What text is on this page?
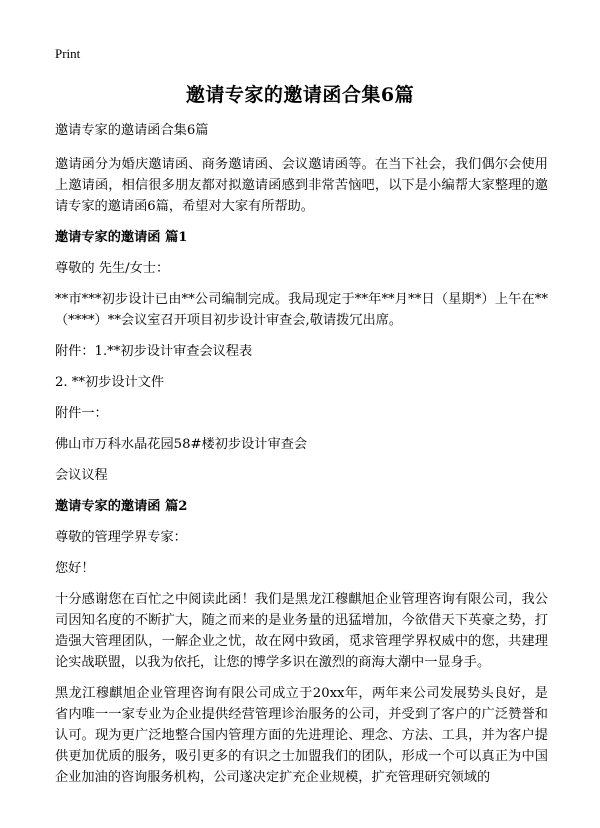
Print
邀请专家的邀请函合集6篇

邀请专家的邀请函合集6篇

邀请函分为婚庆邀请函、商务邀请函、会议邀请函等。在当下社会，我们偶尔会使用上邀请函，相信很多朋友都对拟邀请函感到非常苦恼吧，以下是小编帮大家整理的邀请专家的邀请函6篇，希望对大家有所帮助。

邀请专家的邀请函 篇1

尊敬的 先生/女士：

**市***初步设计已由**公司编制完成。我局现定于**年**月**日（星期*）上午在**（****）**会议室召开项目初步设计审查会,敬请拨冗出席。

附件：1.**初步设计审查会议程表

2. **初步设计文件

附件一：

佛山市万科水晶花园58#楼初步设计审查会

会议议程

邀请专家的邀请函 篇2

尊敬的管理学界专家：

您好！

十分感谢您在百忙之中阅读此函！我们是黑龙江穆麒旭企业管理咨询有限公司，我公司因知名度的不断扩大，随之而来的是业务量的迅猛增加，今欲借天下英豪之势，打造强大管理团队，一解企业之忧，故在网中致函，觅求管理学界权威中的您，共建理论实战联盟，以我为依托，让您的博学多识在激烈的商海大潮中一显身手。

黑龙江穆麒旭企业管理咨询有限公司成立于20xx年，两年来公司发展势头良好，是省内唯一一家专业为企业提供经营管理诊治服务的公司，并受到了客户的广泛赞誉和认可。现为更广泛地整合国内管理方面的先进理论、理念、方法、工具，并为客户提供更加优质的服务，吸引更多的有识之士加盟我们的团队，形成一个可以真正为中国企业加油的咨询服务机构，公司遂决定扩充企业规模，扩充管理研究领域的
